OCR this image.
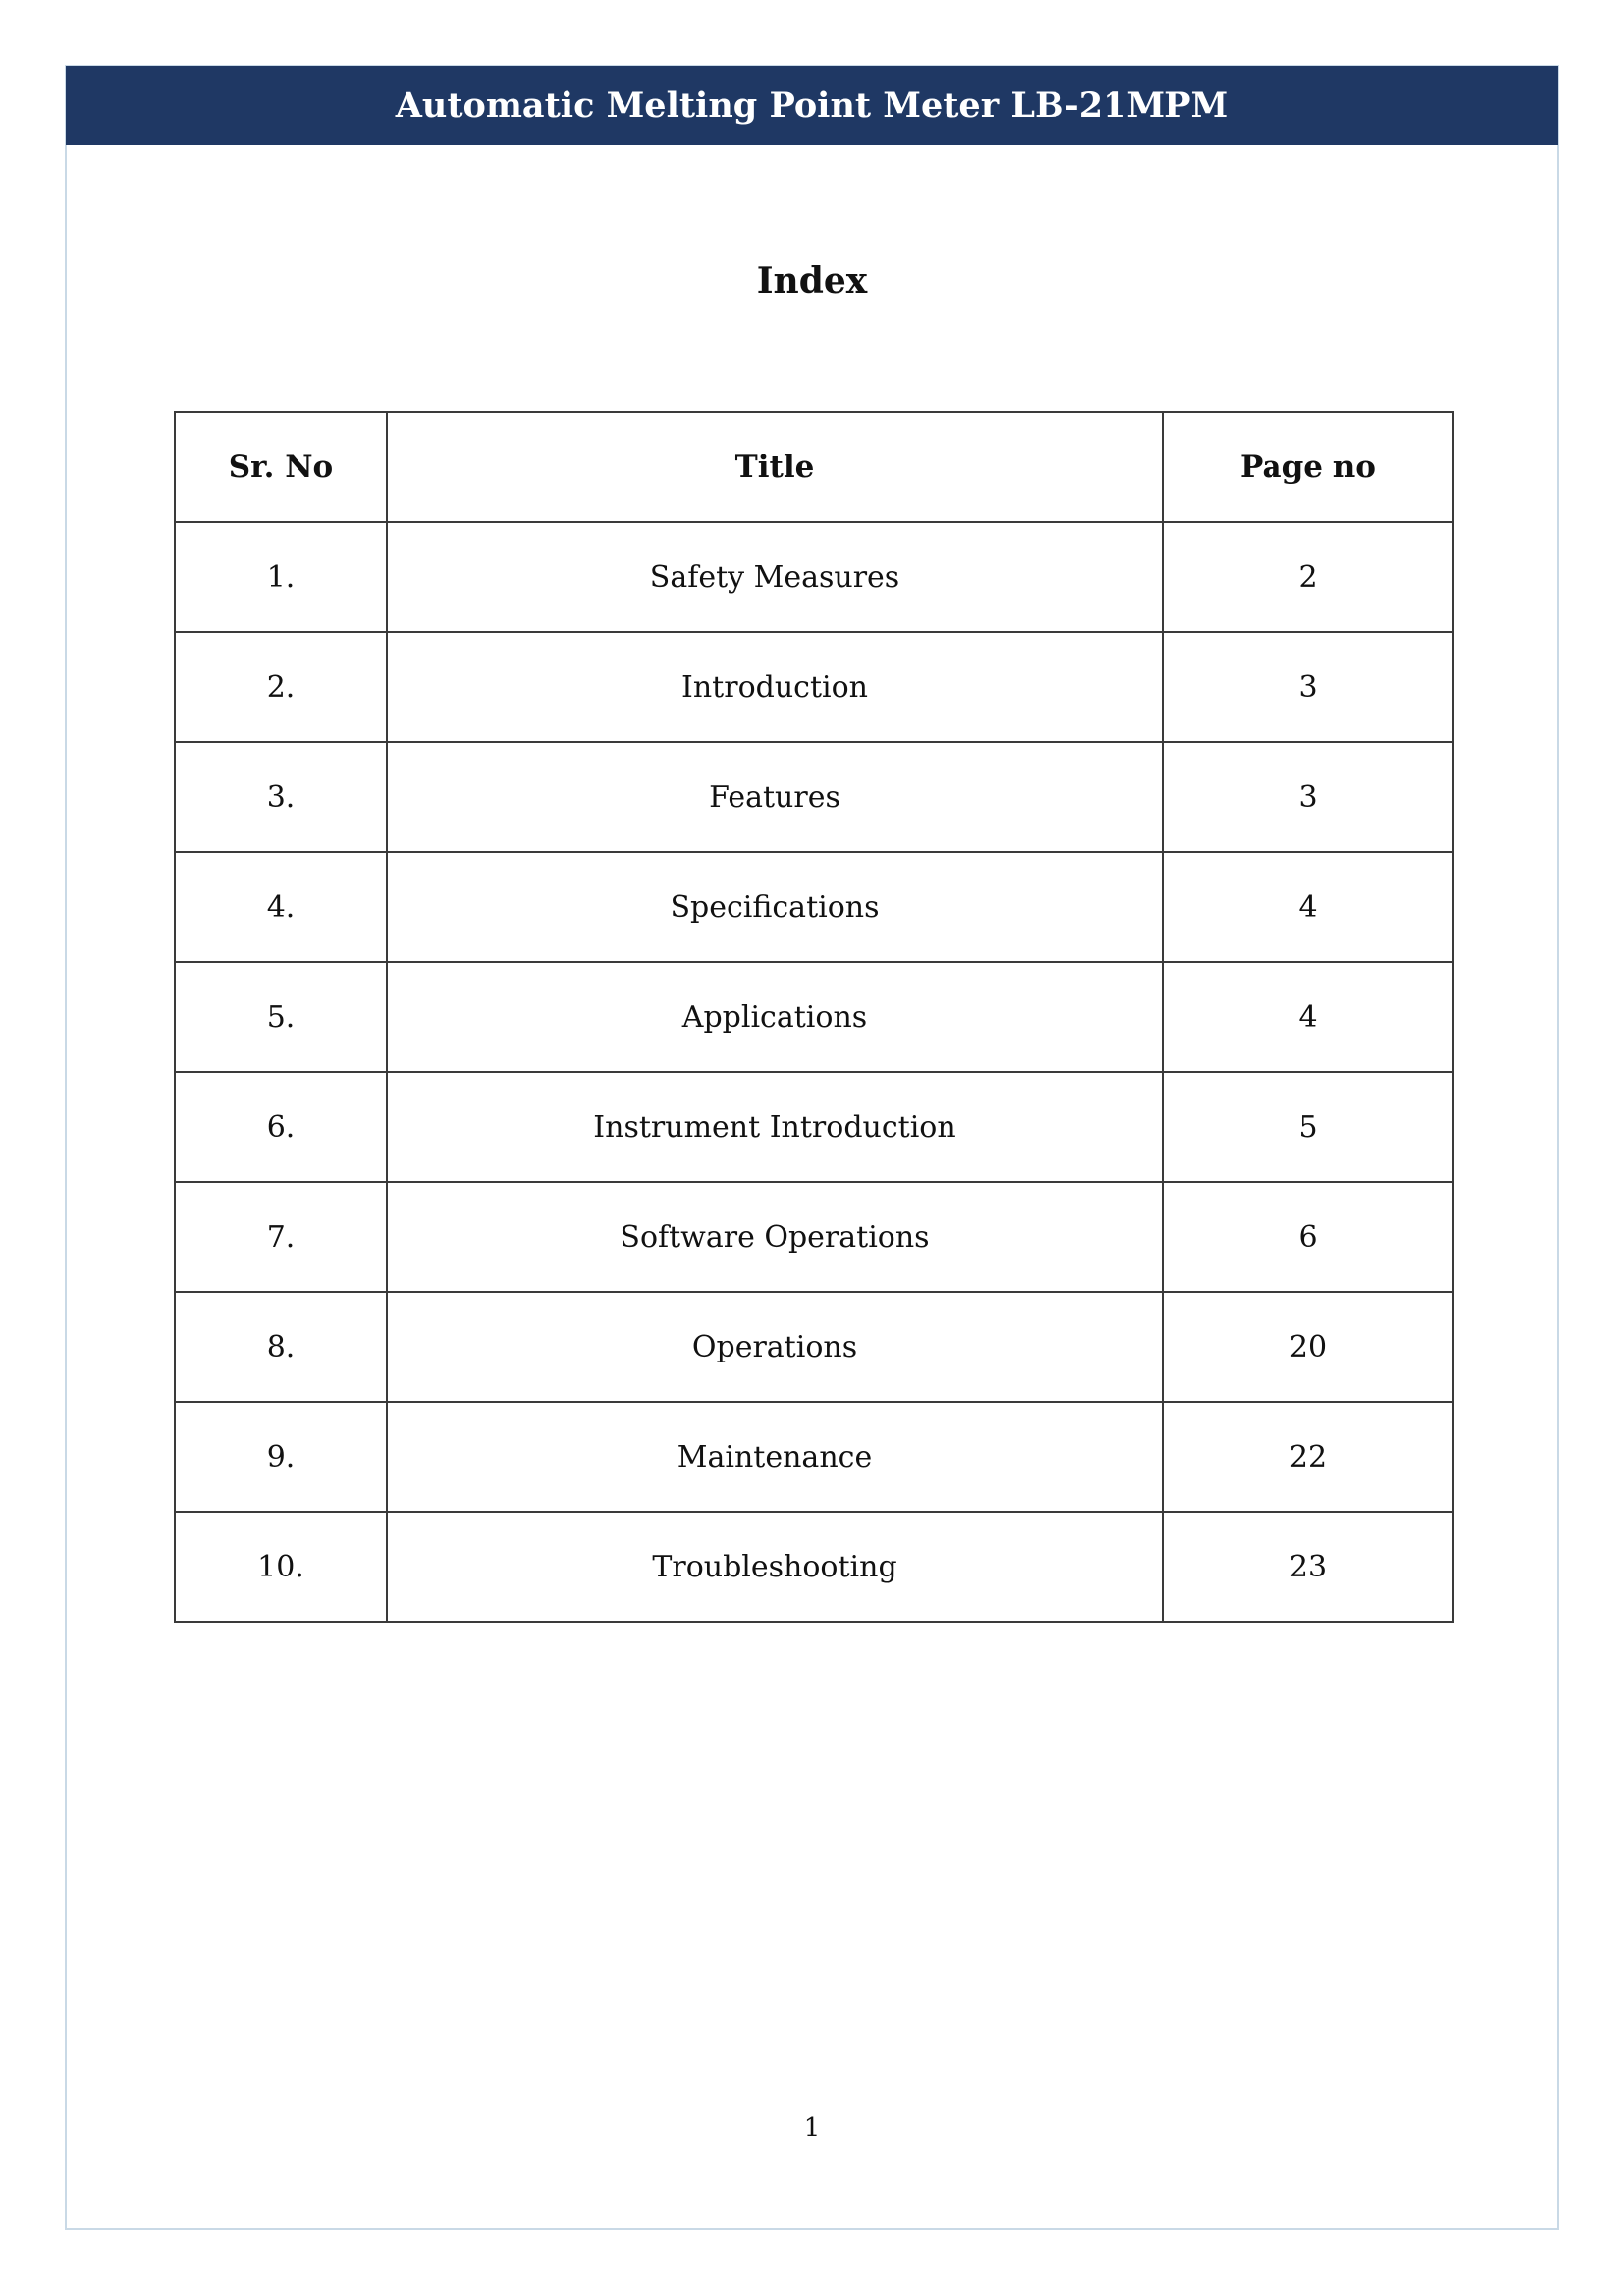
Automatic Melting Point Meter LB-21MPM
Index
Sr. No	Title	Page no
1.	Safety Measures	2
2.	Introduction	3
3.	Features	3
4.	Specifications	4
5.	Applications	4
6.	Instrument Introduction	5
7.	Software Operations	6
8.	Operations	20
9.	Maintenance	22
10.	Troubleshooting	23
1
